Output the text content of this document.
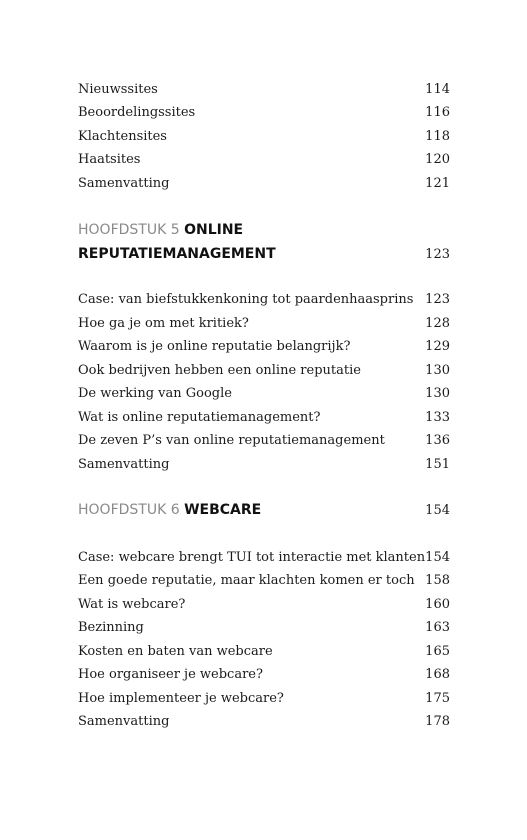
Nieuwssites	114
Beoordelingssites	116
Klachtensites	118
Haatsites	120
Samenvatting	121
HOOFDSTUK 5 ONLINE
REPUTATIEMANAGEMENT	123
Case: van biefstukkenkoning tot paardenhaasprins 123
Hoe ga je om met kritiek?	128
Waarom is je online reputatie belangrijk?	129
Ook bedrijven hebben een online reputatie	130
De werking van Google	130
Wat is online reputatiemanagement?	133
De zeven P’s van online reputatiemanagement	136
Samenvatting	151
HOOFDSTUK 6 WEBCARE	154
Case: webcare brengt TUI tot interactie met klanten 154
Een goede reputatie, maar klachten komen er toch 158
Wat is webcare?	160
Bezinning	163
Kosten en baten van webcare	165
Hoe organiseer je webcare?	168
Hoe implementeer je webcare?	175
Samenvatting	178
